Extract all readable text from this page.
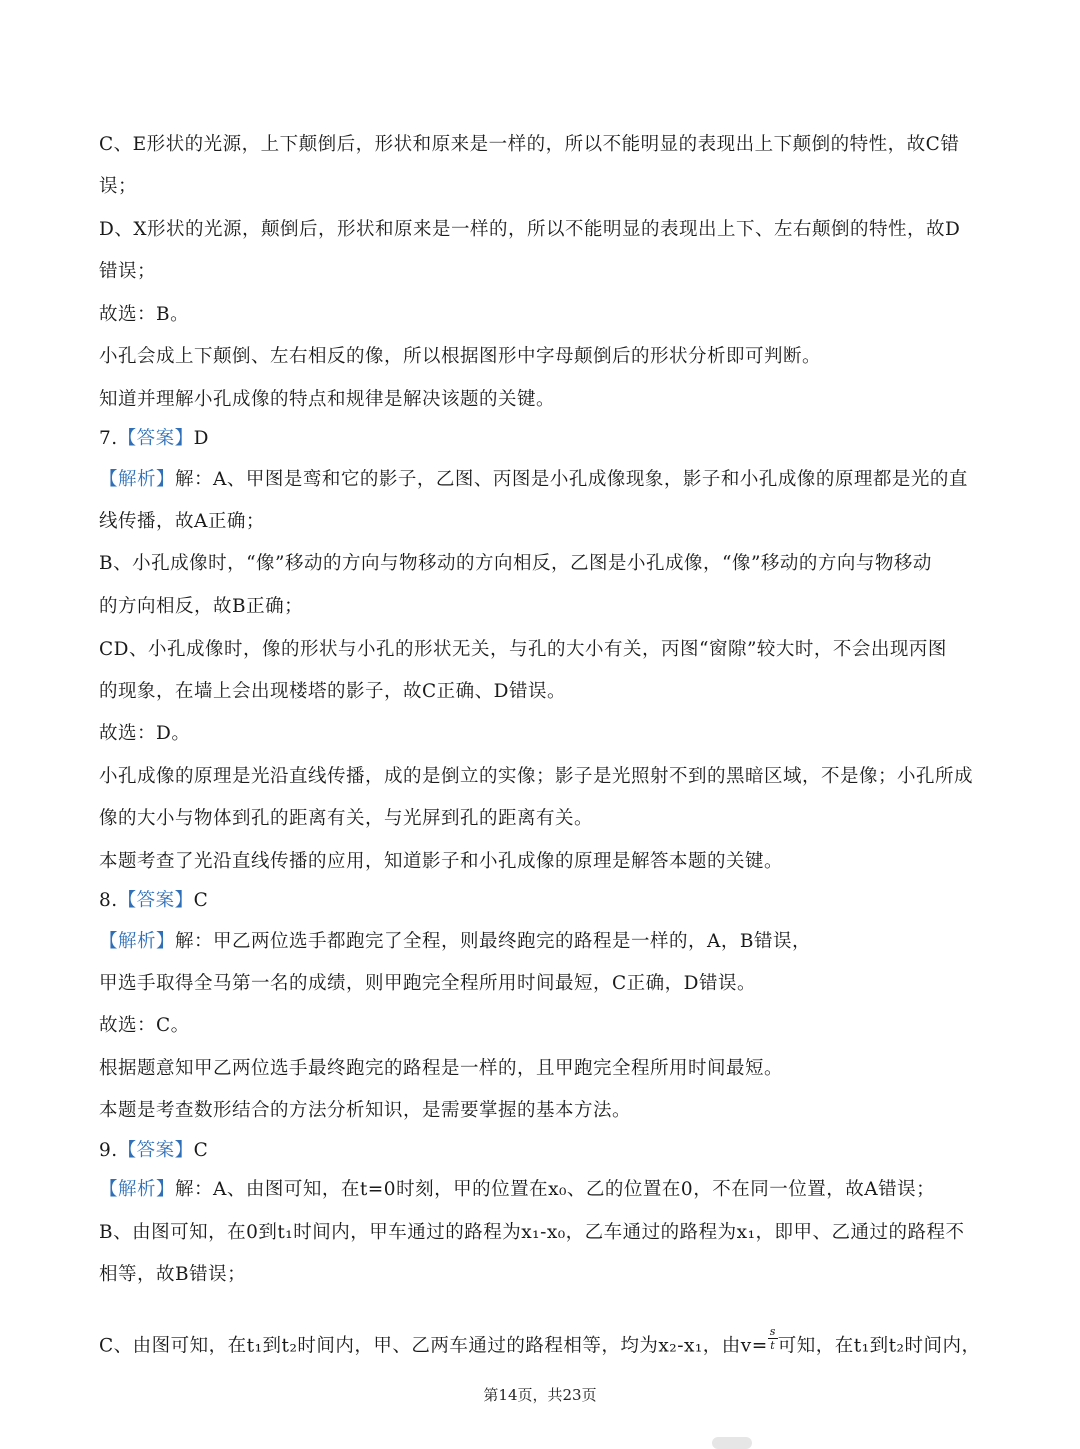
C、E形状的光源，上下颠倒后，形状和原来是一样的，所以不能明显的表现出上下颠倒的特性，故C错
误；
D、X形状的光源，颠倒后，形状和原来是一样的，所以不能明显的表现出上下、左右颠倒的特性，故D
错误；
故选：B。
小孔会成上下颠倒、左右相反的像，所以根据图形中字母颠倒后的形状分析即可判断。
知道并理解小孔成像的特点和规律是解决该题的关键。
7.【答案】D
【解析】解：A、甲图是鸾和它的影子，乙图、丙图是小孔成像现象，影子和小孔成像的原理都是光的直
线传播，故A正确；
B、小孔成像时，“像”移动的方向与物移动的方向相反，乙图是小孔成像，“像”移动的方向与物移动
的方向相反，故B正确；
CD、小孔成像时，像的形状与小孔的形状无关，与孔的大小有关，丙图“窗隙”较大时，不会出现丙图
的现象，在墙上会出现楼塔的影子，故C正确、D错误。
故选：D。
小孔成像的原理是光沿直线传播，成的是倒立的实像；影子是光照射不到的黑暗区域，不是像；小孔所成
像的大小与物体到孔的距离有关，与光屏到孔的距离有关。
本题考查了光沿直线传播的应用，知道影子和小孔成像的原理是解答本题的关键。
8.【答案】C
【解析】解：甲乙两位选手都跑完了全程，则最终跑完的路程是一样的，A，B错误，
甲选手取得全马第一名的成绩，则甲跑完全程所用时间最短，C正确，D错误。
故选：C。
根据题意知甲乙两位选手最终跑完的路程是一样的，且甲跑完全程所用时间最短。
本题是考查数形结合的方法分析知识，是需要掌握的基本方法。
9.【答案】C
【解析】解：A、由图可知，在t=0时刻，甲的位置在x₀、乙的位置在0，不在同一位置，故A错误；
B、由图可知，在0到t₁时间内，甲车通过的路程为x₁-x₀，乙车通过的路程为x₁，即甲、乙通过的路程不
相等，故B错误；
C、由图可知，在t₁到t₂时间内，甲、乙两车通过的路程相等，均为x₂-x₁，由$v= \frac{s}{t}$ 可知，在t₁到t₂时间内，
第14页，共23页
